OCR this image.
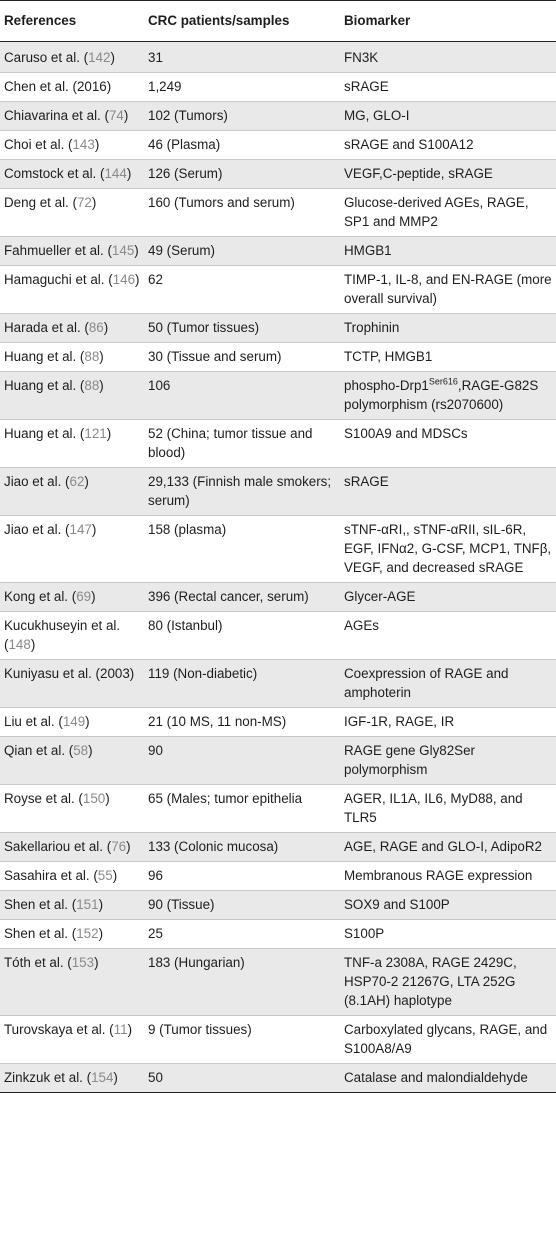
References	CRC patients/samples	Biomarker
Caruso et al. (142)	31	FN3K
Chen et al. (2016)	1,249	sRAGE
Chiavarina et al. (74)	102 (Tumors)	MG, GLO-I
Choi et al. (143)	46 (Plasma)	sRAGE and S100A12
Comstock et al. (144)	126 (Serum)	VEGF,C-peptide, sRAGE
Deng et al. (72)	160 (Tumors and serum)	Glucose-derived AGEs, RAGE, SP1 and MMP2
Fahmueller et al. (145)	49 (Serum)	HMGB1
Hamaguchi et al. (146)	62	TIMP-1, IL-8, and EN-RAGE (more overall survival)
Harada et al. (86)	50 (Tumor tissues)	Trophinin
Huang et al. (88)	30 (Tissue and serum)	TCTP, HMGB1
Huang et al. (88)	106	phospho-$Drp1^{Ser616},RAGE-G82S$ polymorphism (rs2070600)
Huang et al. (121)	52 (China; tumor tissue and blood)	S100A9 and MDSCs
Jiao et al. (62)	29,133 (Finnish male smokers; serum)	sRAGE
Jiao et al. (147)	158 (plasma)	sTNF-αRI,, sTNF-αRII, sIL-6R, EGF, IFNα2, G-CSF, MCP1, TNFβ, VEGF, and decreased sRAGE
Kong et al. (69)	396 (Rectal cancer, serum)	Glycer-AGE
Kucukhuseyin et al. (148)	80 (Istanbul)	AGEs
Kuniyasu et al. (2003)	119 (Non-diabetic)	Coexpression of RAGE and amphoterin
Liu et al. (149)	21 (10 MS, 11 non-MS)	IGF-1R, RAGE, IR
Qian et al. (58)	90	RAGE gene Gly82Ser polymorphism
Royse et al. (150)	65 (Males; tumor epithelia	AGER, IL1A, IL6, MyD88, and TLR5
Sakellariou et al. (76)	133 (Colonic mucosa)	AGE, RAGE and GLO-I, AdipoR2
Sasahira et al. (55)	96	Membranous RAGE expression
Shen et al. (151)	90 (Tissue)	SOX9 and S100P
Shen et al. (152)	25	S100P
Tóth et al. (153)	183 (Hungarian)	TNF-a 2308A, RAGE 2429C, HSP70-2 21267G, LTA 252G (8.1AH) haplotype
Turovskaya et al. (11)	9 (Tumor tissues)	Carboxylated glycans, RAGE, and S100A8/A9
Zinkzuk et al. (154)	50	Catalase and malondialdehyde
